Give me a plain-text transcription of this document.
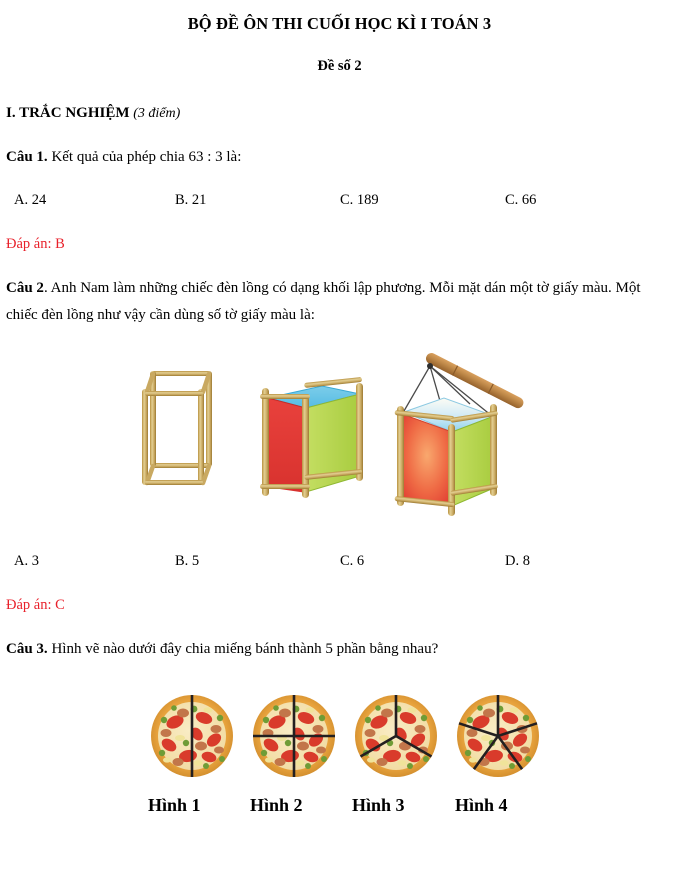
BỘ ĐỀ ÔN THI CUỐI HỌC KÌ I TOÁN 3
Đề số 2
I. TRẮC NGHIỆM (3 điểm)
Câu 1. Kết quả của phép chia 63 : 3 là:
A. 24	B. 21	C. 189	C. 66
Đáp án: B
Câu 2. Anh Nam làm những chiếc đèn lồng có dạng khối lập phương. Mỗi mặt dán một tờ giấy màu. Một chiếc đèn lồng như vậy cần dùng số tờ giấy màu là:
A. 3	B. 5	C. 6	D. 8
Đáp án: C
Câu 3. Hình vẽ nào dưới đây chia miếng bánh thành 5 phần bằng nhau?
Hình 1	Hình 2	Hình 3	Hình 4
